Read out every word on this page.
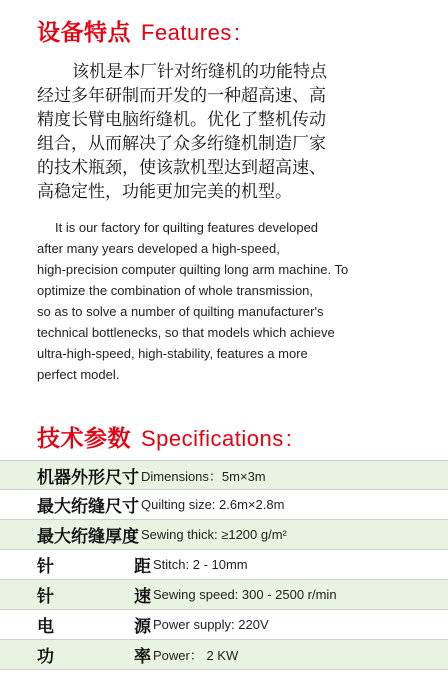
设备特点 Features:

该机是本厂针对绗缝机的功能特点
经过多年研制而开发的一种超高速、高
精度长臂电脑绗缝机。优化了整机传动
组合，从而解决了众多绗缝机制造厂家
的技术瓶颈，使该款机型达到超高速、
高稳定性，功能更加完美的机型。

It is our factory for quilting features developed
after many years developed a high-speed,
high-precision computer quilting long arm machine. To
optimize the combination of whole transmission,
so as to solve a number of quilting manufacturer's
technical bottlenecks, so that models which achieve
ultra-high-speed, high-stability, features a more
perfect model.

技术参数 Specifications:
机器外形尺寸 Dimensions：5m×3m
最大绗缝尺寸 Quilting size: 2.6m×2.8m
最大绗缝厚度 Sewing thick: ≥1200 g/m²
针	距 Stitch: 2 - 10mm
针	速 Sewing speed: 300 - 2500 r/min
电	源 Power supply: 220V
功	率 Power： 2 KW
